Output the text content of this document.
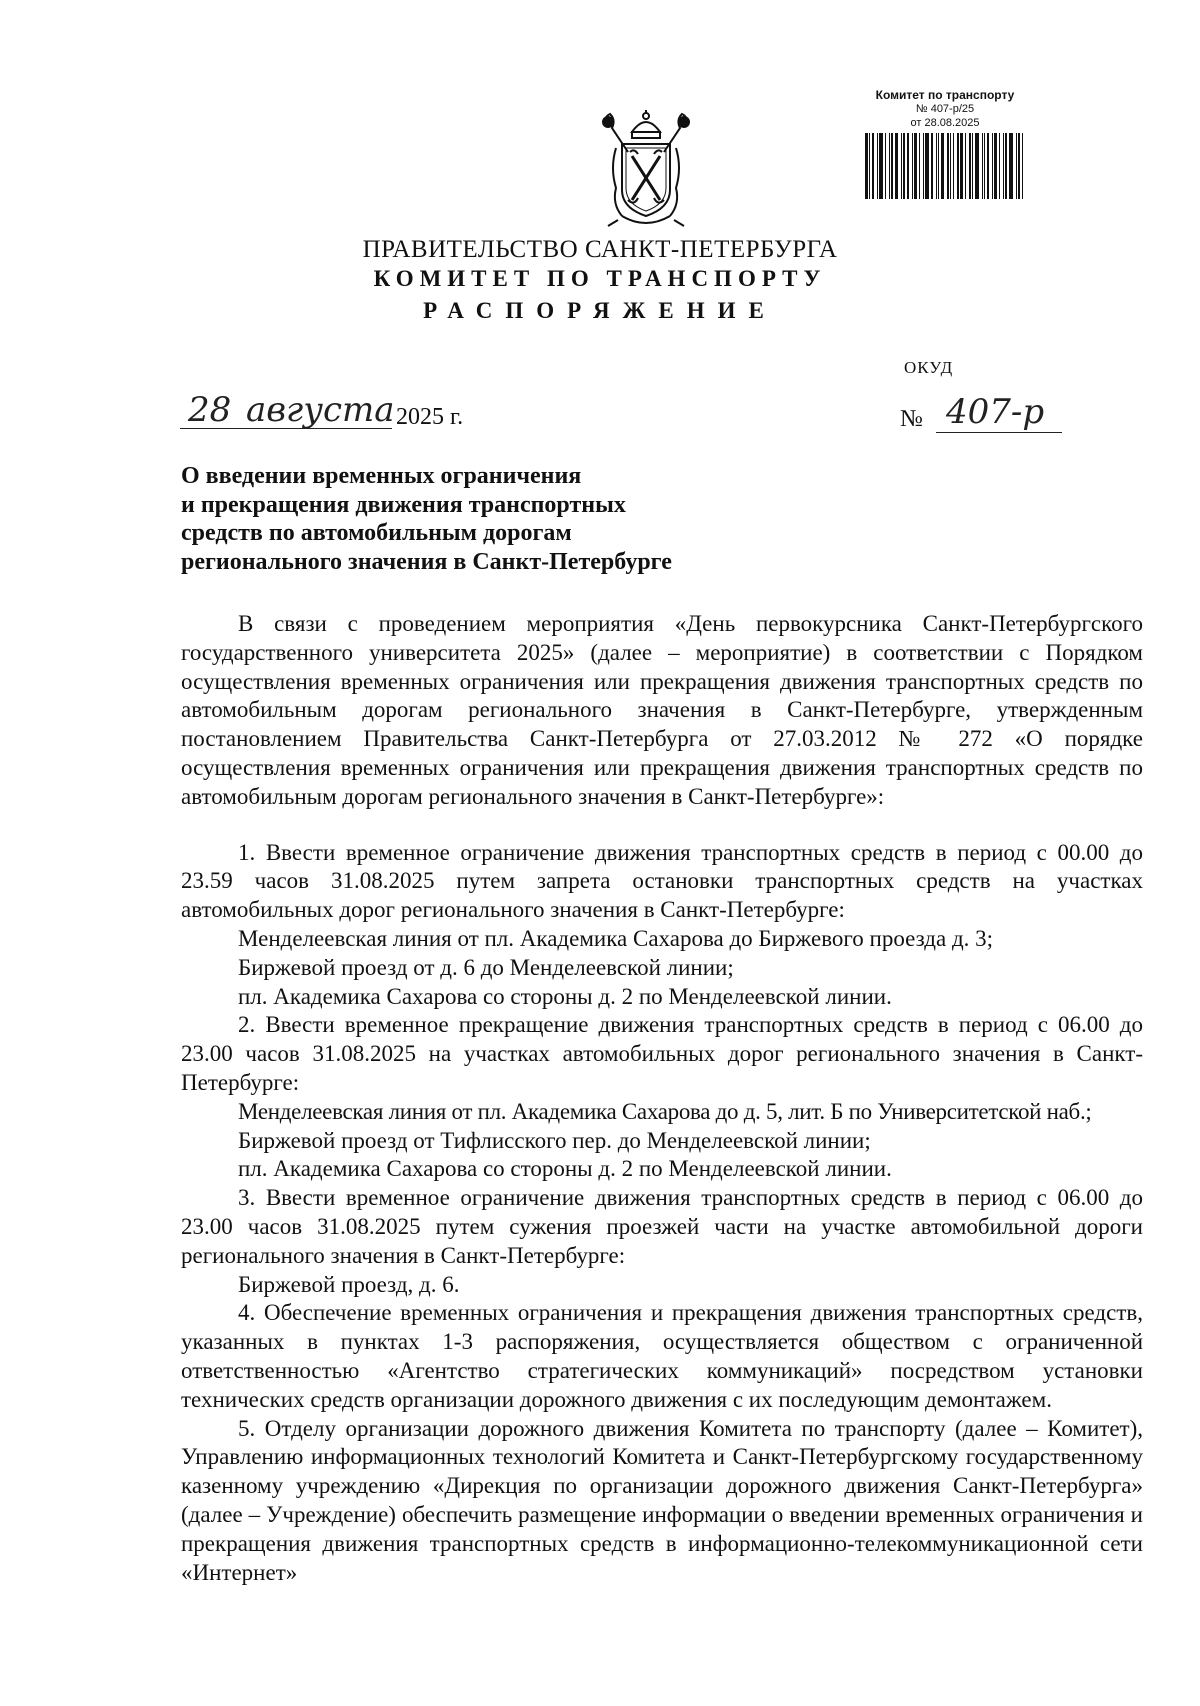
Комитет по транспорту
№ 407-р/25
от 28.08.2025
ПРАВИТЕЛЬСТВО САНКТ-ПЕТЕРБУРГА
КОМИТЕТ ПО ТРАНСПОРТУ
РАСПОРЯЖЕНИЕ
ОКУД
28 августа 2025 г.	№ 407-р
О введении временных ограничения
и прекращения движения транспортных
средств по автомобильным дорогам
регионального значения в Санкт-Петербурге

В связи с проведением мероприятия «День первокурсника Санкт-Петербургского государственного университета 2025» (далее – мероприятие) в соответствии с Порядком осуществления временных ограничения или прекращения движения транспортных средств по автомобильным дорогам регионального значения в Санкт-Петербурге, утвержденным постановлением Правительства Санкт-Петербурга от 27.03.2012 № 272 «О порядке осуществления временных ограничения или прекращения движения транспортных средств по автомобильным дорогам регионального значения в Санкт-Петербурге»:

1. Ввести временное ограничение движения транспортных средств в период с 00.00 до 23.59 часов 31.08.2025 путем запрета остановки транспортных средств на участках автомобильных дорог регионального значения в Санкт-Петербурге:

Менделеевская линия от пл. Академика Сахарова до Биржевого проезда д. 3;

Биржевой проезд от д. 6 до Менделеевской линии;

пл. Академика Сахарова со стороны д. 2 по Менделеевской линии.

2. Ввести временное прекращение движения транспортных средств в период с 06.00 до 23.00 часов 31.08.2025 на участках автомобильных дорог регионального значения в Санкт-Петербурге:

Менделеевская линия от пл. Академика Сахарова до д. 5, лит. Б по Университетской наб.;

Биржевой проезд от Тифлисского пер. до Менделеевской линии;

пл. Академика Сахарова со стороны д. 2 по Менделеевской линии.

3. Ввести временное ограничение движения транспортных средств в период с 06.00 до 23.00 часов 31.08.2025 путем сужения проезжей части на участке автомобильной дороги регионального значения в Санкт-Петербурге:

Биржевой проезд, д. 6.

4. Обеспечение временных ограничения и прекращения движения транспортных средств, указанных в пунктах 1-3 распоряжения, осуществляется обществом с ограниченной ответственностью «Агентство стратегических коммуникаций» посредством установки технических средств организации дорожного движения с их последующим демонтажем.

5. Отделу организации дорожного движения Комитета по транспорту (далее – Комитет), Управлению информационных технологий Комитета и Санкт-Петербургскому государственному казенному учреждению «Дирекция по организации дорожного движения Санкт-Петербурга» (далее – Учреждение) обеспечить размещение информации о введении временных ограничения и прекращения движения транспортных средств в информационно-телекоммуникационной сети «Интернет»
